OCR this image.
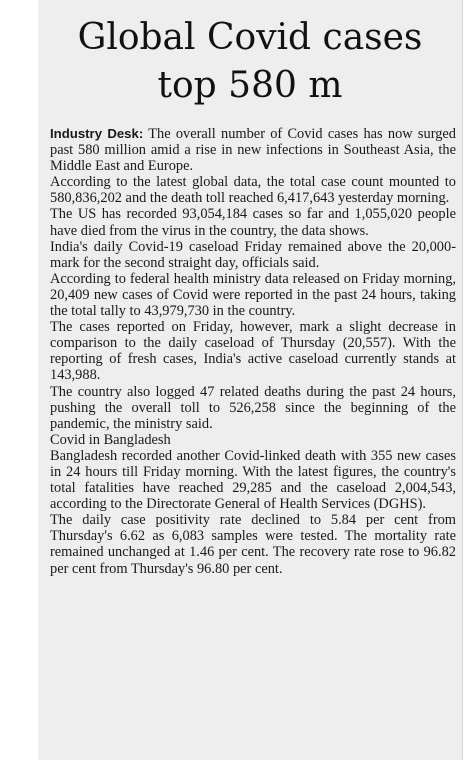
Global Covid cases
top 580 m

Industry Desk: The overall number of Covid cases has now surged past 580 million amid a rise in new infections in Southeast Asia, the Middle East and Europe.

According to the latest global data, the total case count mounted to 580,836,202 and the death toll reached 6,417,643 yesterday morning.

The US has recorded 93,054,184 cases so far and 1,055,020 people have died from the virus in the country, the data shows.

India's daily Covid-19 caseload Friday remained above the 20,000-mark for the second straight day, officials said.

According to federal health ministry data released on Friday morning, 20,409 new cases of Covid were reported in the past 24 hours, taking the total tally to 43,979,730 in the country.

The cases reported on Friday, however, mark a slight decrease in comparison to the daily caseload of Thursday (20,557). With the reporting of fresh cases, India's active caseload currently stands at 143,988.

The country also logged 47 related deaths during the past 24 hours, pushing the overall toll to 526,258 since the beginning of the pandemic, the ministry said.

Covid in Bangladesh

Bangladesh recorded another Covid-linked death with 355 new cases in 24 hours till Friday morning. With the latest figures, the country's total fatalities have reached 29,285 and the caseload 2,004,543, according to the Directorate General of Health Services (DGHS).

The daily case positivity rate declined to 5.84 per cent from Thursday's 6.62 as 6,083 samples were tested. The mortality rate remained unchanged at 1.46 per cent. The recovery rate rose to 96.82 per cent from Thursday's 96.80 per cent.
